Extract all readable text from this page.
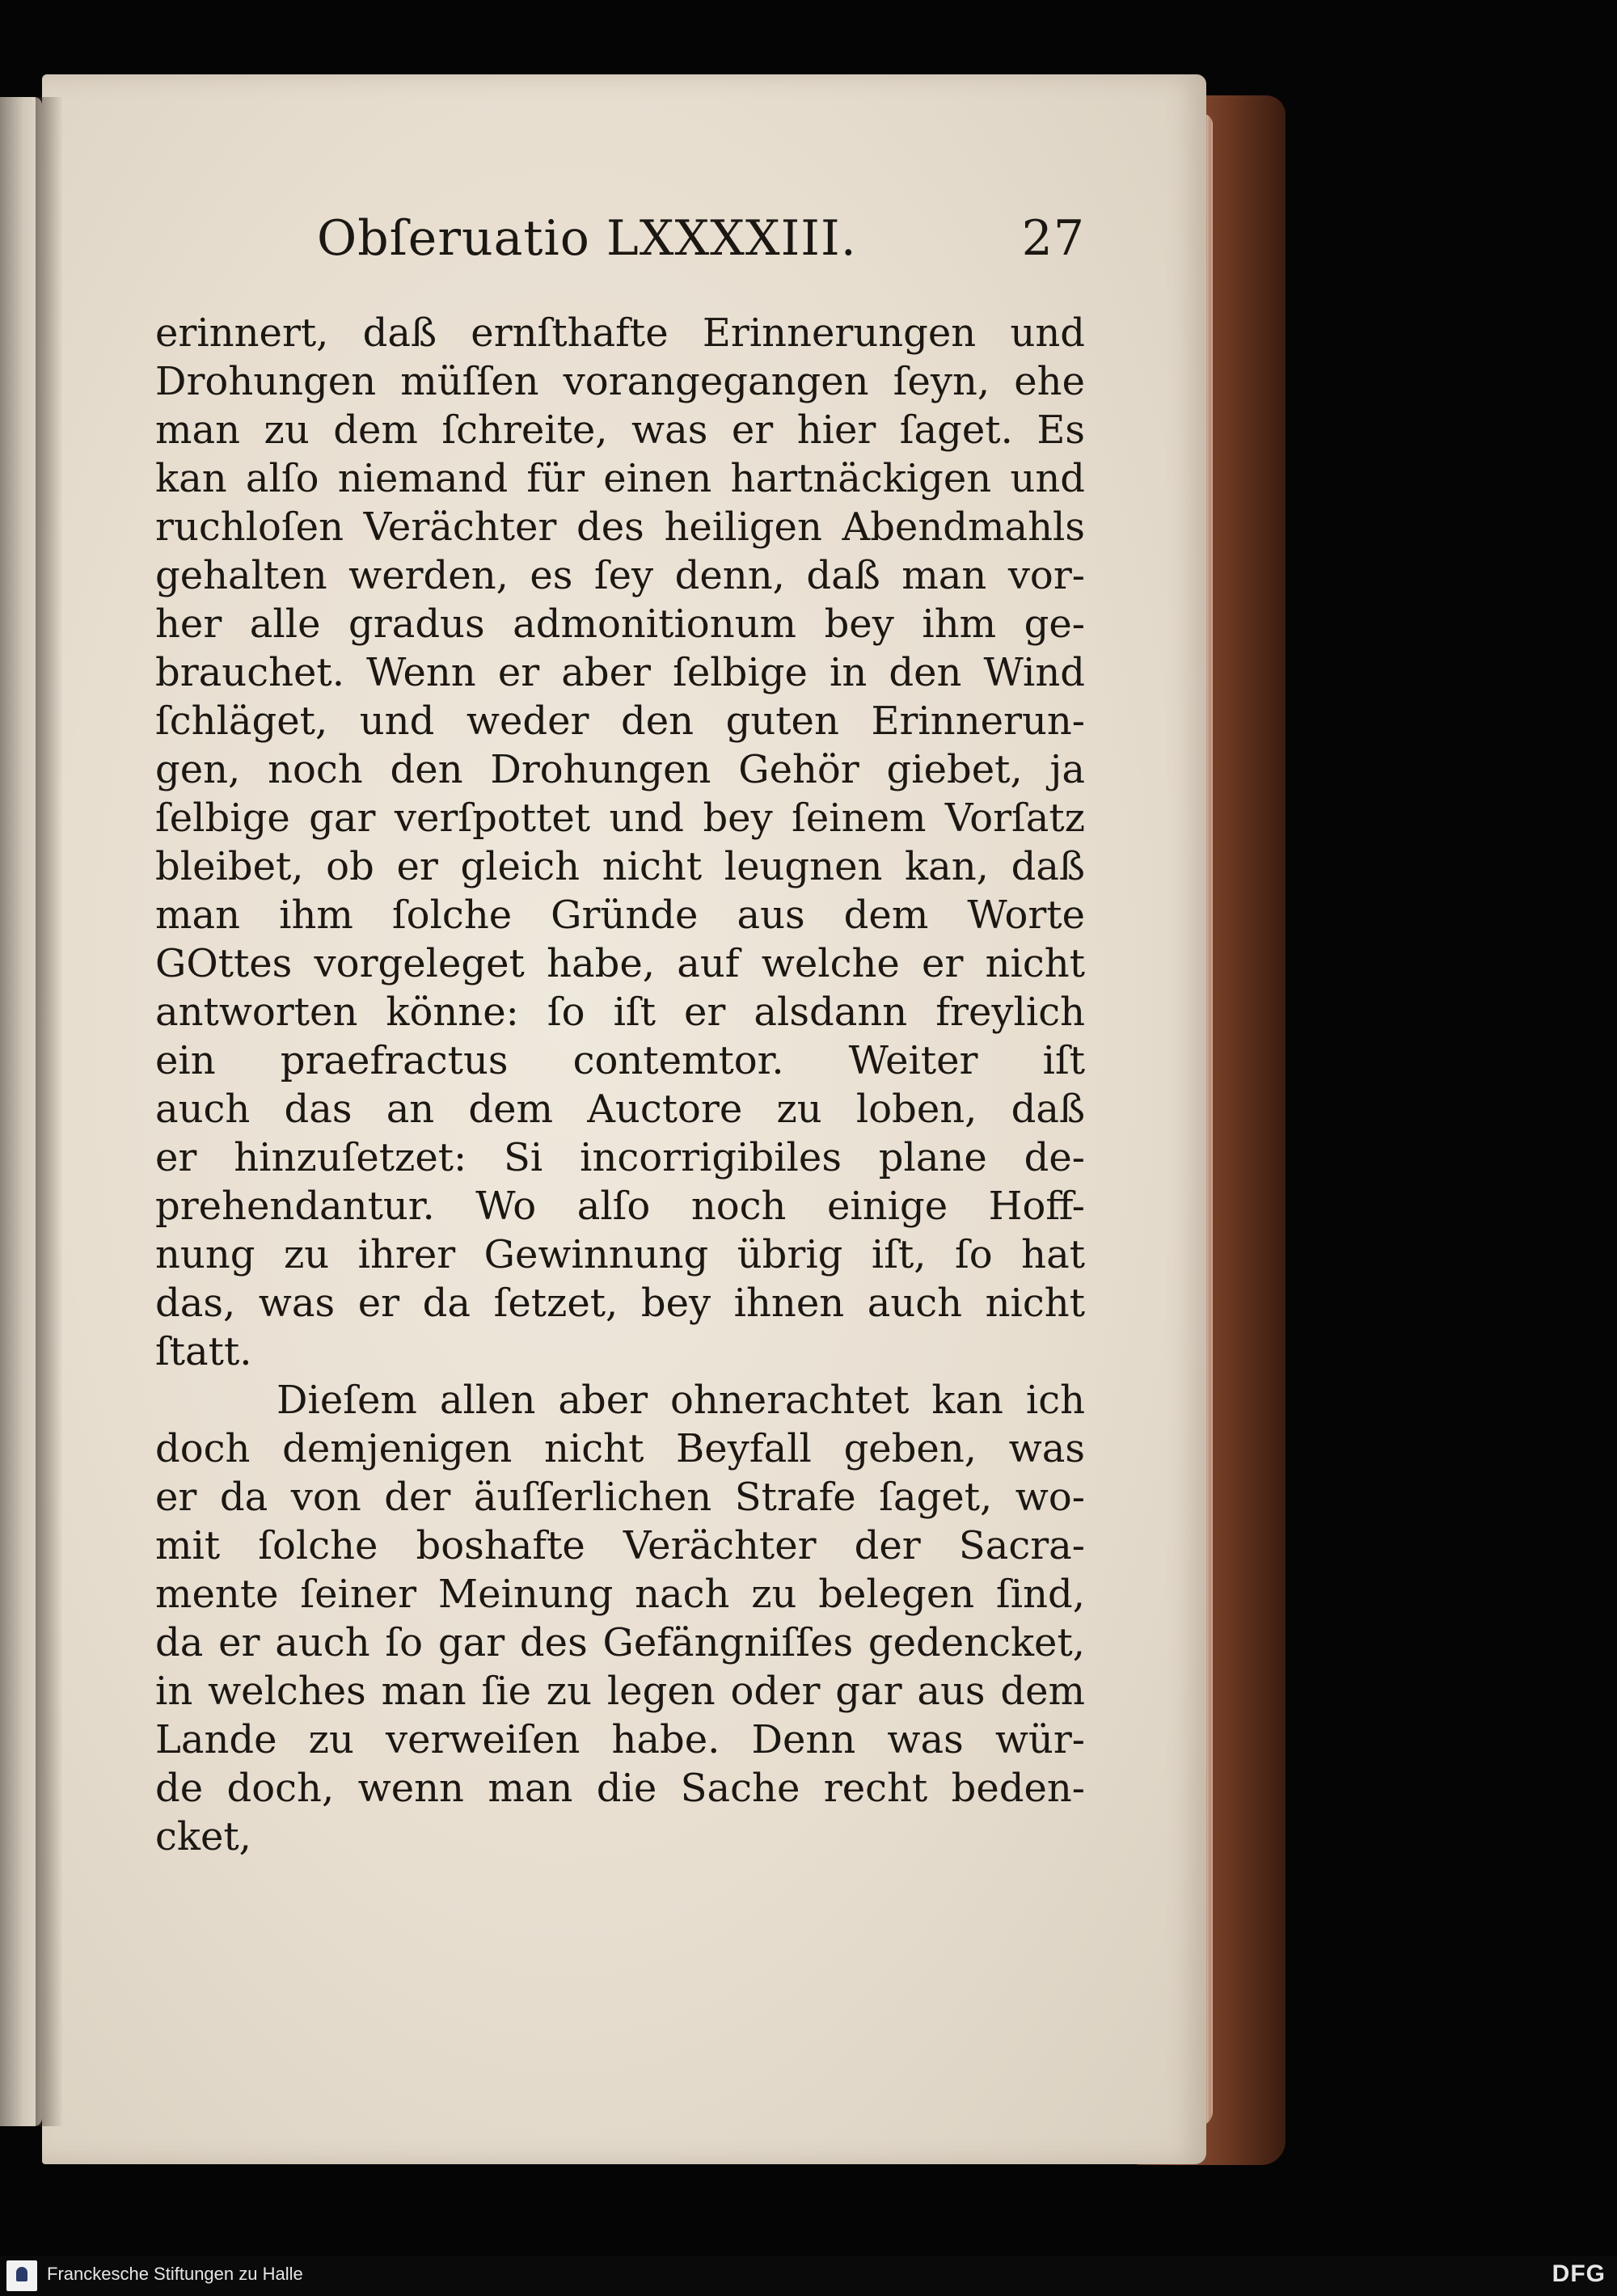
Obſeruatio LXXXXIII.	27
erinnert, daß ernſthafte Erinnerungen und
Drohungen müſſen vorangegangen ſeyn, ehe
man zu dem ſchreite, was er hier ſaget. Es
kan alſo niemand für einen hartnäckigen und
ruchloſen Verächter des heiligen Abendmahls
gehalten werden, es ſey denn, daß man vor-
her alle gradus admonitionum bey ihm ge-
brauchet. Wenn er aber ſelbige in den Wind
ſchläget, und weder den guten Erinnerun-
gen, noch den Drohungen Gehör giebet, ja
ſelbige gar verſpottet und bey ſeinem Vorſatz
bleibet, ob er gleich nicht leugnen kan, daß
man ihm ſolche Gründe aus dem Worte
GOttes vorgeleget habe, auf welche er nicht
antworten könne: ſo iſt er alsdann freylich
ein praefractus contemtor. Weiter iſt
auch das an dem Auctore zu loben, daß
er hinzuſetzet: Si incorrigibiles plane de-
prehendantur. Wo alſo noch einige Hoff-
nung zu ihrer Gewinnung übrig iſt, ſo hat
das, was er da ſetzet, bey ihnen auch nicht
ſtatt.
Dieſem allen aber ohnerachtet kan ich
doch demjenigen nicht Beyfall geben, was
er da von der äuſſerlichen Strafe ſaget, wo-
mit ſolche boshafte Verächter der Sacra-
mente ſeiner Meinung nach zu belegen ſind,
da er auch ſo gar des Gefängniſſes gedencket,
in welches man ſie zu legen oder gar aus dem
Lande zu verweiſen habe. Denn was wür-
de doch, wenn man die Sache recht beden-
cket,
Franckesche Stiftungen zu Halle	DFG
